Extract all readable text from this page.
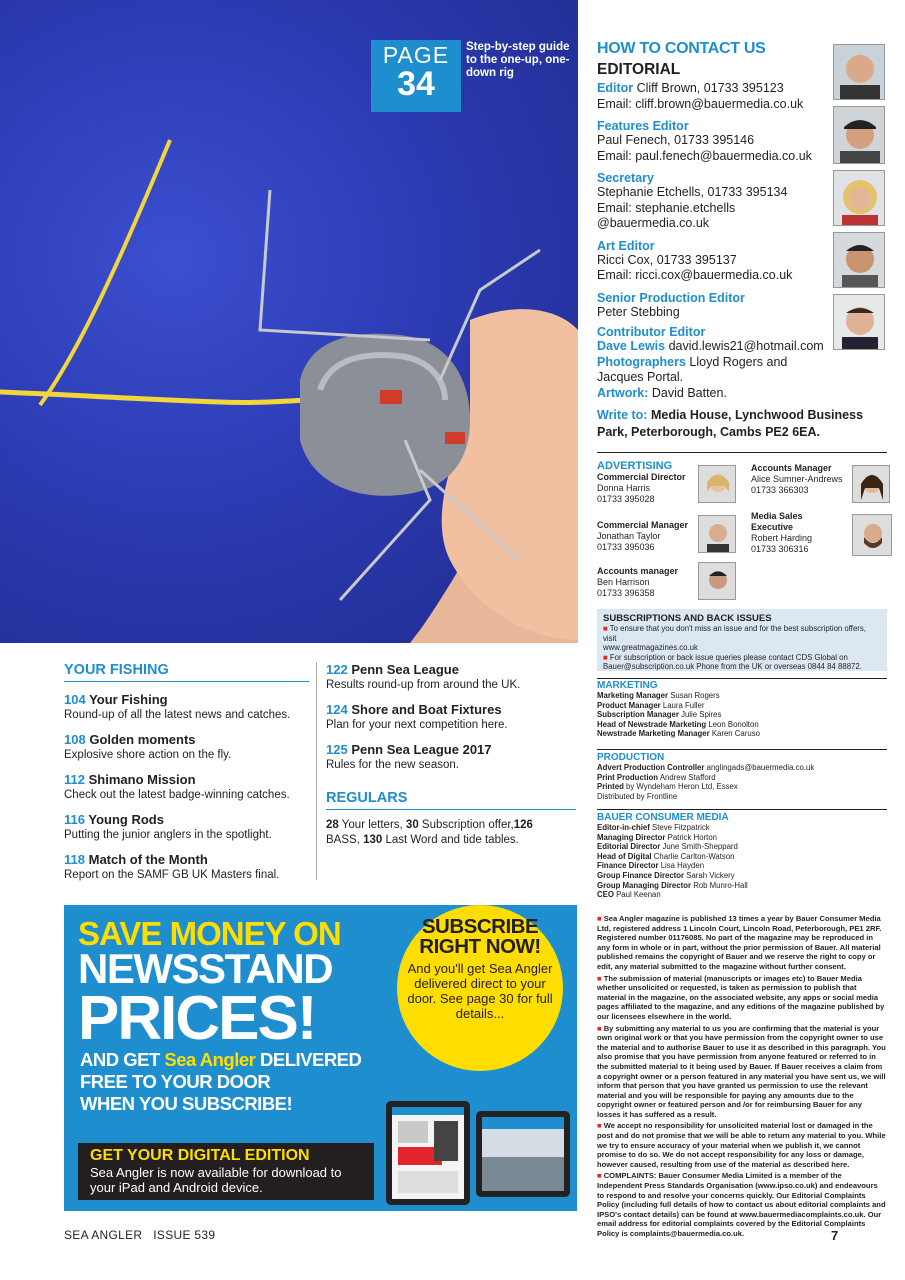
PAGE
34
Step-by-step guide to the one-up, one-down rig
HOW TO CONTACT US
EDITORIAL
Editor Cliff Brown, 01733 395123
Email: cliff.brown@bauermedia.co.uk
Features Editor
Paul Fenech, 01733 395146
Email: paul.fenech@bauermedia.co.uk
Secretary
Stephanie Etchells, 01733 395134
Email: stephanie.etchells
@bauermedia.co.uk
Art Editor
Ricci Cox, 01733 395137
Email: ricci.cox@bauermedia.co.uk
Senior Production Editor
Peter Stebbing
Contributor Editor
Dave Lewis david.lewis21@hotmail.com
Photographers Lloyd Rogers and
Jacques Portal.
Artwork: David Batten.
Write to: Media House, Lynchwood Business Park, Peterborough, Cambs PE2 6EA.
ADVERTISING
Commercial Director
Donna Harris
01733 395028
Commercial Manager
Jonathan Taylor
01733 395036
Accounts manager
Ben Harrison
01733 396358
Accounts Manager
Alice Sumner-Andrews
01733 366303
Media Sales
Executive
Robert Harding
01733 306316
SUBSCRIPTIONS AND BACK ISSUES
■ To ensure that you don't miss an issue and for the best subscription offers, visit
www.greatmagazines.co.uk
■ For subscription or back issue queries please contact CDS Global on
Bauer@subscription.co.uk Phone from the UK or overseas 0844 84 88872.
MARKETING
Marketing Manager Susan Rogers
Product Manager Laura Fuller
Subscription Manager Julie Spires
Head of Newstrade Marketing Leon Bonolton
Newstrade Marketing Manager Karen Caruso
PRODUCTION
Advert Production Controller anglingads@bauermedia.co.uk
Print Production Andrew Stafford
Printed by Wyndeham Heron Ltd, Essex
Distributed by Frontline
BAUER CONSUMER MEDIA
Editor-in-chief Steve Fitzpatrick
Managing Director Patrick Horton
Editorial Director June Smith-Sheppard
Head of Digital Charlie Carlton-Watson
Finance Director Lisa Hayden
Group Finance Director Sarah Vickery
Group Managing Director Rob Munro-Hall
CEO Paul Keenan

■ Sea Angler magazine is published 13 times a year by Bauer Consumer Media Ltd, registered address 1 Lincoln Court, Lincoln Road, Peterborough, PE1 2RF. Registered number 01176085. No part of the magazine may be reproduced in any form in whole or in part, without the prior permission of Bauer. All material published remains the copyright of Bauer and we reserve the right to copy or edit, any material submitted to the magazine without further consent.

■ The submission of material (manuscripts or images etc) to Bauer Media whether unsolicited or requested, is taken as permission to publish that material in the magazine, on the associated website, any apps or social media pages affiliated to the magazine, and any editions of the magazine published by our licensees elsewhere in the world.

■ By submitting any material to us you are confirming that the material is your own original work or that you have permission from the copyright owner to use the material and to authorise Bauer to use it as described in this paragraph. You also promise that you have permission from anyone featured or referred to in the submitted material to it being used by Bauer. If Bauer receives a claim from a copyright owner or a person featured in any material you have sent us, we will inform that person that you have granted us permission to use the relevant material and you will be responsible for paying any amounts due to the copyright owner or featured person and /or for reimbursing Bauer for any losses it has suffered as a result.

■ We accept no responsibility for unsolicited material lost or damaged in the post and do not promise that we will be able to return any material to you. While we try to ensure accuracy of your material when we publish it, we cannot promise to do so. We do not accept responsibility for any loss or damage, however caused, resulting from use of the material as described here.

■ COMPLAINTS: Bauer Consumer Media Limited is a member of the Independent Press Standards Organisation (www.ipso.co.uk) and endeavours to respond to and resolve your concerns quickly. Our Editorial Complaints Policy (including full details of how to contact us about editorial complaints and IPSO's contact details) can be found at www.bauermediacomplaints.co.uk. Our email address for editorial complaints covered by the Editorial Complaints Policy is complaints@bauermedia.co.uk.

YOUR FISHING
104 Your Fishing
Round-up of all the latest news and catches.
108 Golden moments
Explosive shore action on the fly.
112 Shimano Mission
Check out the latest badge-winning catches.
116 Young Rods
Putting the junior anglers in the spotlight.
118 Match of the Month
Report on the SAMF GB UK Masters final.
122 Penn Sea League
Results round-up from around the UK.
124 Shore and Boat Fixtures
Plan for your next competition here.
125 Penn Sea League 2017
Rules for the new season.
REGULARS
28 Your letters, 30 Subscription offer,126 BASS, 130 Last Word and tide tables.
SAVE MONEY ON
NEWSSTAND
PRICES!
AND GET Sea Angler DELIVERED
FREE TO YOUR DOOR
WHEN YOU SUBSCRIBE!
SUBSCRIBE
RIGHT NOW!
And you'll get Sea Angler delivered direct to your door. See page 30 for full details...
GET YOUR DIGITAL EDITION
Sea Angler is now available for download to your iPad and Android device.
SEA ANGLER   ISSUE 539	7
